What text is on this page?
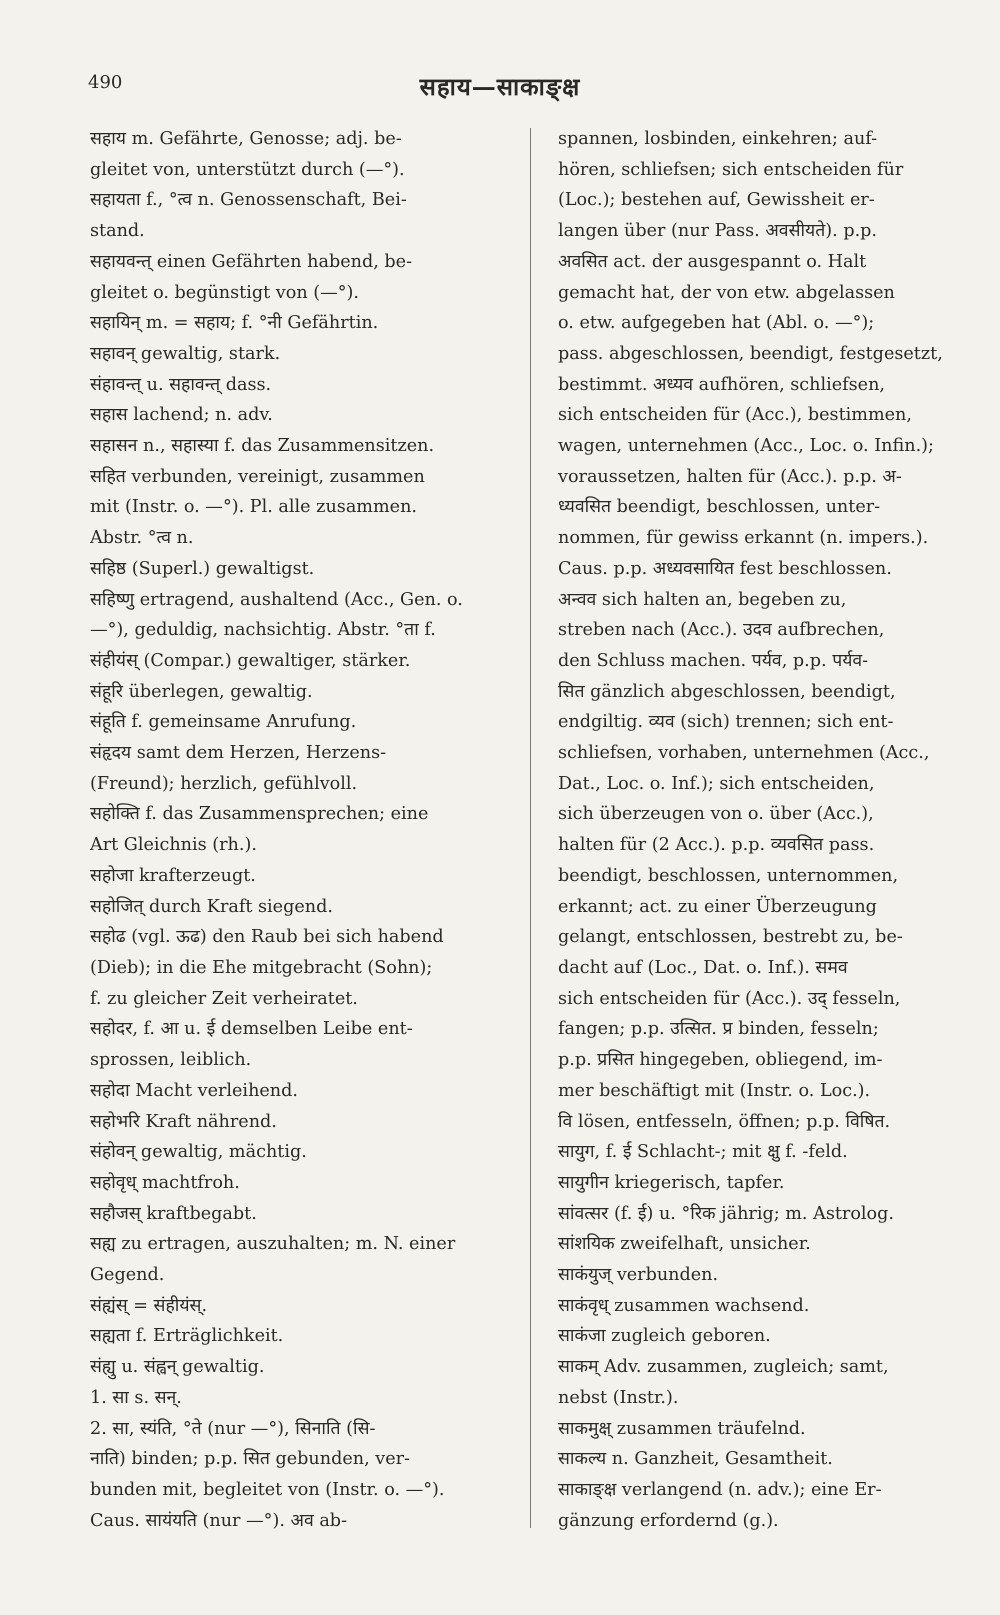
490	सहाय—साकाङ्क्ष
सहाय m. Gefährte, Genosse; adj. be-
gleitet von, unterstützt durch (—°).
सहायता f., °त्व n. Genossenschaft, Bei-
stand.
सहायवन्त् einen Gefährten habend, be-
gleitet o. begünstigt von (—°).
सहायिन् m. = सहाय; f. °नी Gefährtin.
सहावन् gewaltig, stark.
संहावन्त् u. सहावन्त् dass.
सहास lachend; n. adv.
सहासन n., सहास्या f. das Zusammensitzen.
सहित verbunden, vereinigt, zusammen
mit (Instr. o. —°). Pl. alle zusammen.
Abstr. °त्व n.
सहिष्ठ (Superl.) gewaltigst.
सहिष्णु ertragend, aushaltend (Acc., Gen. o.
—°), geduldig, nachsichtig. Abstr. °ता f.
संहीयंस् (Compar.) gewaltiger, stärker.
संहूरि überlegen, gewaltig.
संहूति f. gemeinsame Anrufung.
संहृदय samt dem Herzen, Herzens-
(Freund); herzlich, gefühlvoll.
सहोक्ति f. das Zusammensprechen; eine
Art Gleichnis (rh.).
सहोजा krafterzeugt.
सहोजित् durch Kraft siegend.
सहोढ (vgl. ऊढ) den Raub bei sich habend
(Dieb); in die Ehe mitgebracht (Sohn);
f. zu gleicher Zeit verheiratet.
सहोदर, f. आ u. ई demselben Leibe ent-
sprossen, leiblich.
सहोदा Macht verleihend.
सहोभरि Kraft nährend.
संहोवन् gewaltig, mächtig.
सहोवृध् machtfroh.
सहौजस् kraftbegabt.
सह्य zu ertragen, auszuhalten; m. N. einer
Gegend.
संह्यंस् = संहीयंस्.
सह्यता f. Erträglichkeit.
संह्यु u. संह्वन् gewaltig.
1. सा s. सन्.
2. सा, स्यंति, °ते (nur —°), सिनाति (सि-
नाति) binden; p.p. सित gebunden, ver-
bunden mit, begleitet von (Instr. o. —°).
Caus. सायंयति (nur —°). अव ab-
spannen, losbinden, einkehren; auf-
hören, schliefsen; sich entscheiden für
(Loc.); bestehen auf, Gewissheit er-
langen über (nur Pass. अवसीयते). p.p.
अवसित act. der ausgespannt o. Halt
gemacht hat, der von etw. abgelassen
o. etw. aufgegeben hat (Abl. o. —°);
pass. abgeschlossen, beendigt, festgesetzt,
bestimmt. अध्यव aufhören, schliefsen,
sich entscheiden für (Acc.), bestimmen,
wagen, unternehmen (Acc., Loc. o. Infin.);
voraussetzen, halten für (Acc.). p.p. अ-
ध्यवसित beendigt, beschlossen, unter-
nommen, für gewiss erkannt (n. impers.).
Caus. p.p. अध्यवसायित fest beschlossen.
अन्वव sich halten an, begeben zu,
streben nach (Acc.). उदव aufbrechen,
den Schluss machen. पर्यव, p.p. पर्यव-
सित gänzlich abgeschlossen, beendigt,
endgiltig. व्यव (sich) trennen; sich ent-
schliefsen, vorhaben, unternehmen (Acc.,
Dat., Loc. o. Inf.); sich entscheiden,
sich überzeugen von o. über (Acc.),
halten für (2 Acc.). p.p. व्यवसित pass.
beendigt, beschlossen, unternommen,
erkannt; act. zu einer Überzeugung
gelangt, entschlossen, bestrebt zu, be-
dacht auf (Loc., Dat. o. Inf.). समव
sich entscheiden für (Acc.). उद् fesseln,
fangen; p.p. उत्सित. प्र binden, fesseln;
p.p. प्रसित hingegeben, obliegend, im-
mer beschäftigt mit (Instr. o. Loc.).
वि lösen, entfesseln, öffnen; p.p. विषित.
सायुग, f. ई Schlacht-; mit क्षु f. -feld.
सायुगीन kriegerisch, tapfer.
सांवत्सर (f. ई) u. °रिक jährig; m. Astrolog.
सांशयिक zweifelhaft, unsicher.
साकंयुज् verbunden.
साकंवृध् zusammen wachsend.
साकंजा zugleich geboren.
साकम् Adv. zusammen, zugleich; samt,
nebst (Instr.).
साकमुक्ष् zusammen träufelnd.
साकल्य n. Ganzheit, Gesamtheit.
साकाङ्क्ष verlangend (n. adv.); eine Er-
gänzung erfordernd (g.).
